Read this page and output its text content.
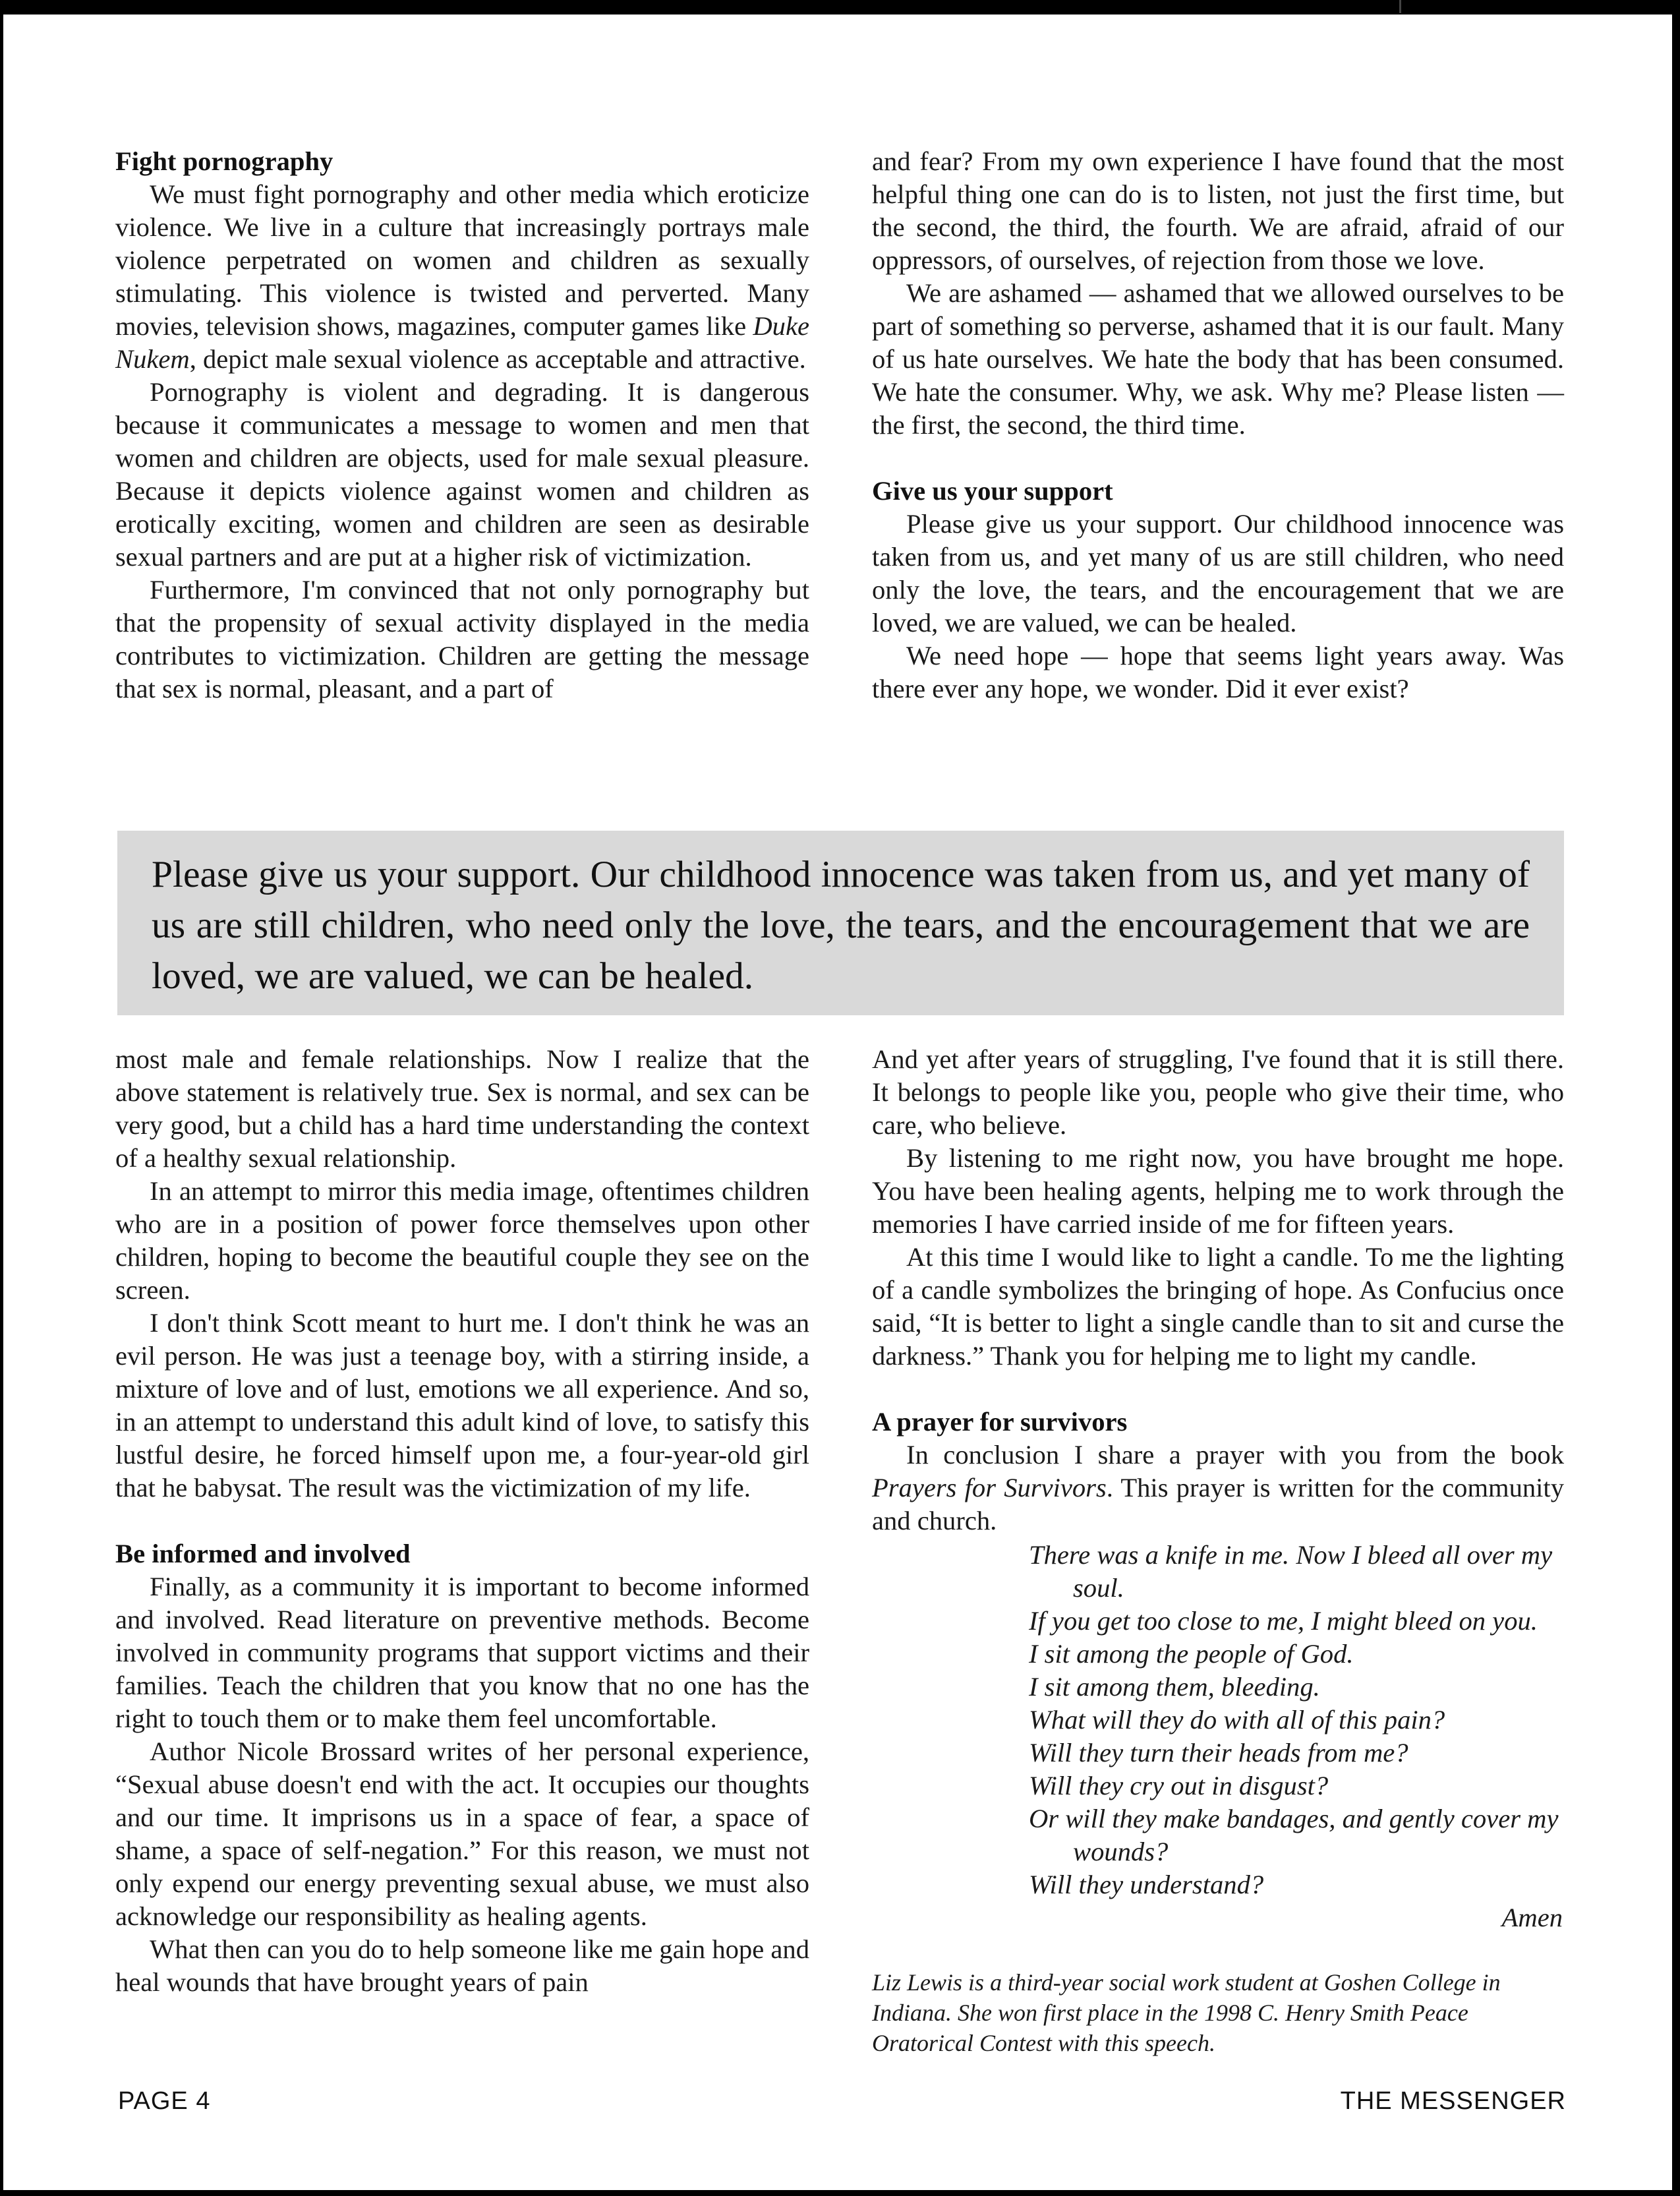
Fight pornography

We must fight pornography and other media which eroticize violence. We live in a culture that increasingly portrays male violence perpetrated on women and children as sexually stimulating. This violence is twisted and perverted. Many movies, television shows, magazines, computer games like Duke Nukem, depict male sexual violence as acceptable and attractive.

Pornography is violent and degrading. It is dangerous because it communicates a message to women and men that women and children are objects, used for male sexual pleasure. Because it depicts violence against women and children as erotically exciting, women and children are seen as desirable sexual partners and are put at a higher risk of victimization.

Furthermore, I'm convinced that not only pornography but that the propensity of sexual activity displayed in the media contributes to victimization. Children are getting the message that sex is normal, pleasant, and a part of

and fear? From my own experience I have found that the most helpful thing one can do is to listen, not just the first time, but the second, the third, the fourth. We are afraid, afraid of our oppressors, of ourselves, of rejection from those we love.

We are ashamed — ashamed that we allowed ourselves to be part of something so perverse, ashamed that it is our fault. Many of us hate ourselves. We hate the body that has been consumed. We hate the consumer. Why, we ask. Why me? Please listen — the first, the second, the third time.

Give us your support

Please give us your support. Our childhood innocence was taken from us, and yet many of us are still children, who need only the love, the tears, and the encouragement that we are loved, we are valued, we can be healed.

We need hope — hope that seems light years away. Was there ever any hope, we wonder. Did it ever exist?

Please give us your support. Our childhood innocence was taken from us, and yet many of us are still children, who need only the love, the tears, and the encouragement that we are loved, we are valued, we can be healed.

most male and female relationships. Now I realize that the above statement is relatively true. Sex is normal, and sex can be very good, but a child has a hard time understanding the context of a healthy sexual relationship.

In an attempt to mirror this media image, oftentimes children who are in a position of power force themselves upon other children, hoping to become the beautiful couple they see on the screen.

I don't think Scott meant to hurt me. I don't think he was an evil person. He was just a teenage boy, with a stirring inside, a mixture of love and of lust, emotions we all experience. And so, in an attempt to understand this adult kind of love, to satisfy this lustful desire, he forced himself upon me, a four-year-old girl that he babysat. The result was the victimization of my life.

Be informed and involved

Finally, as a community it is important to become informed and involved. Read literature on preventive methods. Become involved in community programs that support victims and their families. Teach the children that you know that no one has the right to touch them or to make them feel uncomfortable.

Author Nicole Brossard writes of her personal experience, “Sexual abuse doesn't end with the act. It occupies our thoughts and our time. It imprisons us in a space of fear, a space of shame, a space of self-negation.” For this reason, we must not only expend our energy preventing sexual abuse, we must also acknowledge our responsibility as healing agents.

What then can you do to help someone like me gain hope and heal wounds that have brought years of pain

And yet after years of struggling, I've found that it is still there. It belongs to people like you, people who give their time, who care, who believe.

By listening to me right now, you have brought me hope. You have been healing agents, helping me to work through the memories I have carried inside of me for fifteen years.

At this time I would like to light a candle. To me the lighting of a candle symbolizes the bringing of hope. As Confucius once said, “It is better to light a single candle than to sit and curse the darkness.” Thank you for helping me to light my candle.

A prayer for survivors

In conclusion I share a prayer with you from the book Prayers for Survivors. This prayer is written for the community and church.

There was a knife in me. Now I bleed all over my
soul.
If you get too close to me, I might bleed on you.
I sit among the people of God.
I sit among them, bleeding.
What will they do with all of this pain?
Will they turn their heads from me?
Will they cry out in disgust?
Or will they make bandages, and gently cover my
wounds?
Will they understand?
Amen
Liz Lewis is a third-year social work student at Goshen College in Indiana. She won first place in the 1998 C. Henry Smith Peace Oratorical Contest with this speech.
PAGE 4	THE MESSENGER
